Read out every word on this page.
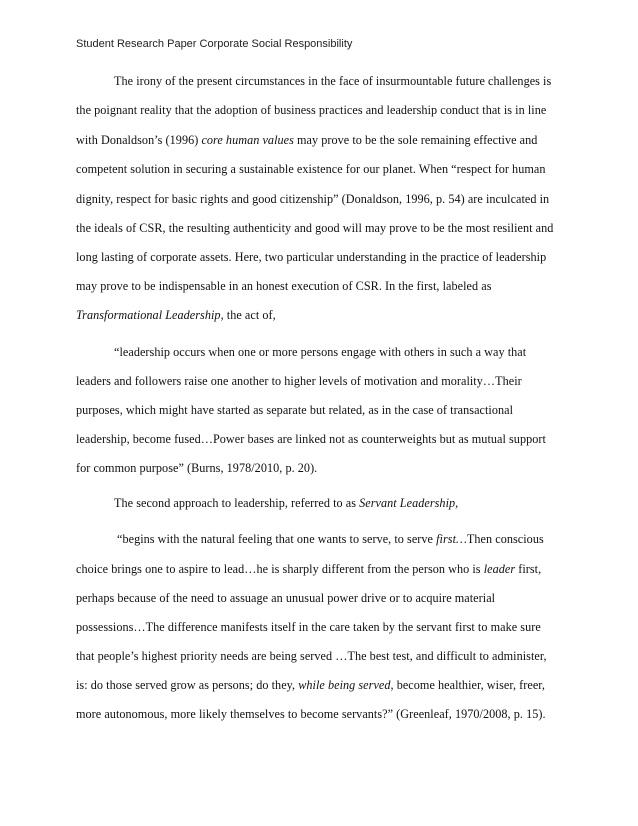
Student Research Paper Corporate Social Responsibility
The irony of the present circumstances in the face of insurmountable future challenges is
the poignant reality that the adoption of business practices and leadership conduct that is in line
with Donaldson’s (1996) core human values may prove to be the sole remaining effective and
competent solution in securing a sustainable existence for our planet. When “respect for human
dignity, respect for basic rights and good citizenship” (Donaldson, 1996, p. 54) are inculcated in
the ideals of CSR, the resulting authenticity and good will may prove to be the most resilient and
long lasting of corporate assets. Here, two particular understanding in the practice of leadership
may prove to be indispensable in an honest execution of CSR. In the first, labeled as
Transformational Leadership, the act of,
“leadership occurs when one or more persons engage with others in such a way that
leaders and followers raise one another to higher levels of motivation and morality…Their
purposes, which might have started as separate but related, as in the case of transactional
leadership, become fused…Power bases are linked not as counterweights but as mutual support
for common purpose” (Burns, 1978/2010, p. 20).
The second approach to leadership, referred to as Servant Leadership,
“begins with the natural feeling that one wants to serve, to serve first…Then conscious
choice brings one to aspire to lead…he is sharply different from the person who is leader first,
perhaps because of the need to assuage an unusual power drive or to acquire material
possessions…The difference manifests itself in the care taken by the servant first to make sure
that people’s highest priority needs are being served …The best test, and difficult to administer,
is: do those served grow as persons; do they, while being served, become healthier, wiser, freer,
more autonomous, more likely themselves to become servants?” (Greenleaf, 1970/2008, p. 15).
